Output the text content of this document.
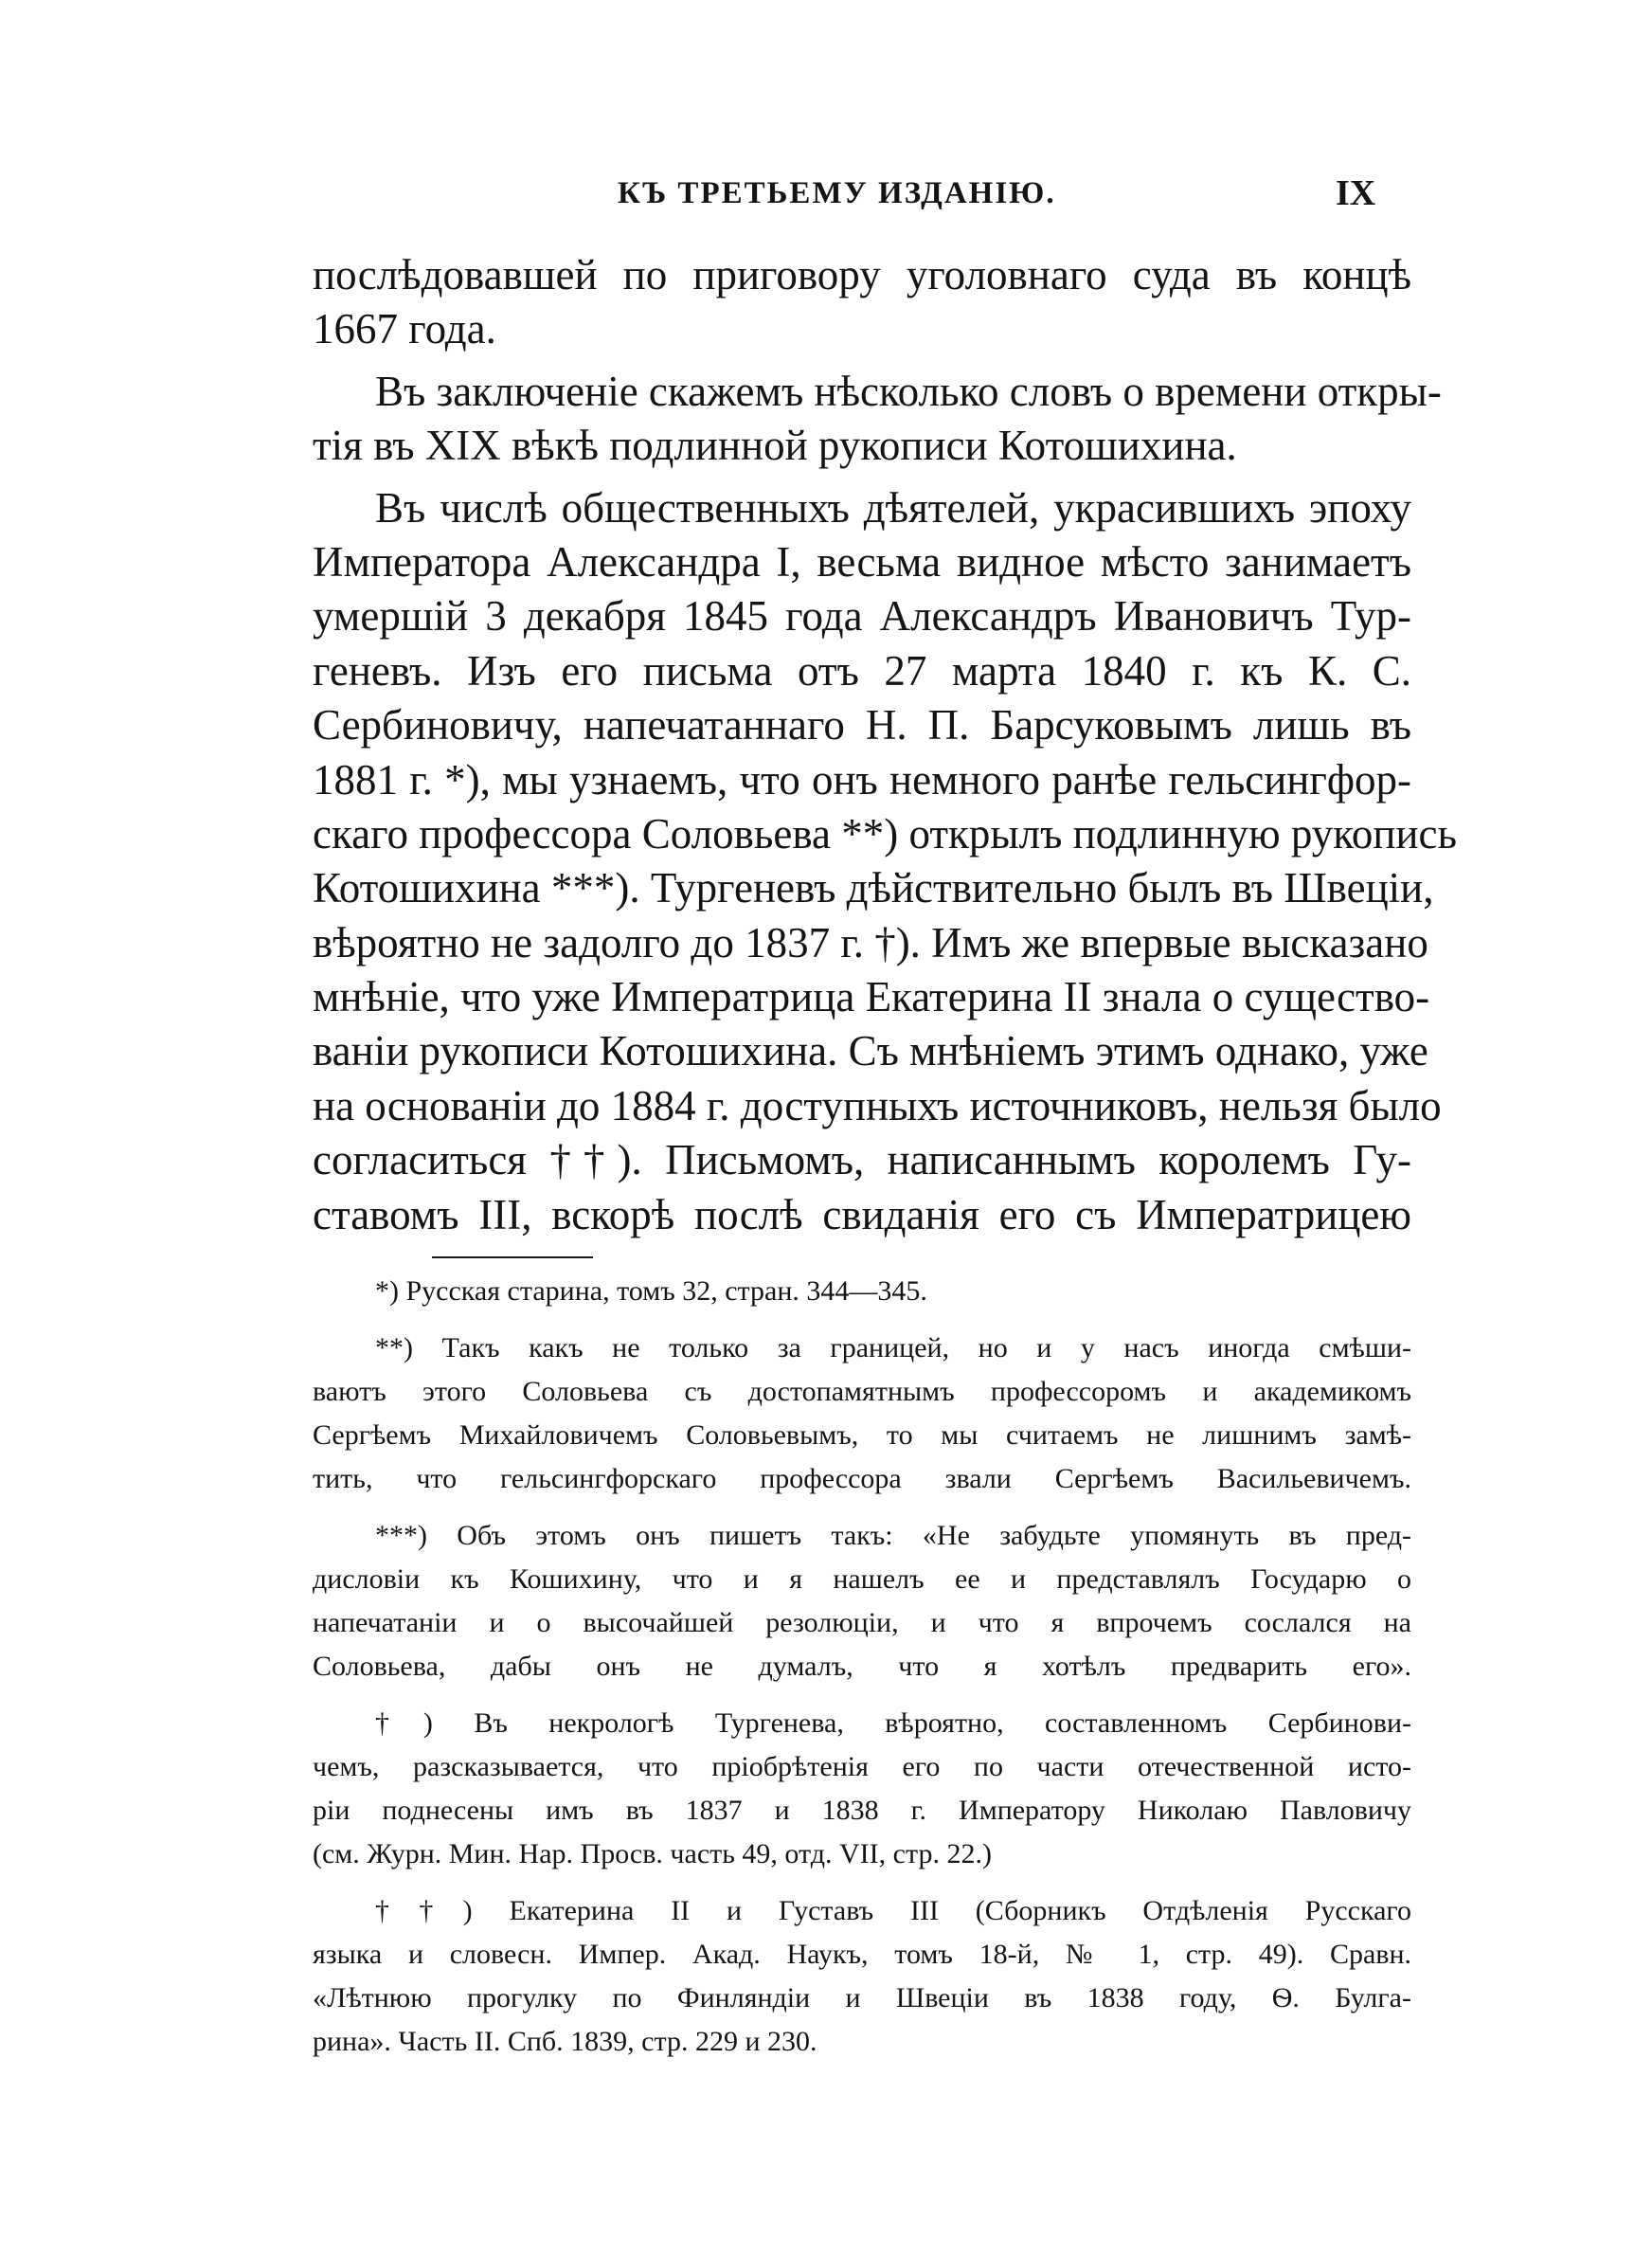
КЪ ТРЕТЬЕМУ ИЗДАНІЮ.	IX
послѣдовавшей по приговору уголовнаго суда въ концѣ
1667 года.
Въ заключеніе скажемъ нѣсколько словъ о времени откры-
тія въ XIX вѣкѣ подлинной рукописи Котошихина.
Въ числѣ общественныхъ дѣятелей, украсившихъ эпоху
Императора Александра I, весьма видное мѣсто занимаетъ
умершій 3 декабря 1845 года Александръ Ивановичъ Тур-
геневъ. Изъ его письма отъ 27 марта 1840 г. къ К. С.
Сербиновичу, напечатаннаго Н. П. Барсуковымъ лишь въ
1881 г. *), мы узнаемъ, что онъ немного ранѣе гельсингфор-
скаго профессора Соловьева **) открылъ подлинную рукопись
Котошихина ***). Тургеневъ дѣйствительно былъ въ Швеціи,
вѣроятно не задолго до 1837 г. †). Имъ же впервые высказано
мнѣніе, что уже Императрица Екатерина II знала о существо-
ваніи рукописи Котошихина. Съ мнѣніемъ этимъ однако, уже
на основаніи до 1884 г. доступныхъ источниковъ, нельзя было
согласиться ††). Письмомъ, написаннымъ королемъ Гу-
ставомъ III, вскорѣ послѣ свиданія его съ Императрицею
*) Русская старина, томъ 32, стран. 344—345.
**) Такъ какъ не только за границей, но и у насъ иногда смѣши-
ваютъ этого Соловьева съ достопамятнымъ профессоромъ и академикомъ
Сергѣемъ Михайловичемъ Соловьевымъ, то мы считаемъ не лишнимъ замѣ-
тить, что гельсингфорскаго профессора звали Сергѣемъ Васильевичемъ.
***) Объ этомъ онъ пишетъ такъ: «Не забудьте упомянуть въ пред-
дисловіи къ Кошихину, что и я нашелъ ее и представлялъ Государю о
напечатаніи и о высочайшей резолюціи, и что я впрочемъ сослался на
Соловьева, дабы онъ не думалъ, что я хотѣлъ предварить его».
†) Въ некрологѣ Тургенева, вѣроятно, составленномъ Сербинови-
чемъ, разсказывается, что пріобрѣтенія его по части отечественной исто-
ріи поднесены имъ въ 1837 и 1838 г. Императору Николаю Павловичу
(см. Журн. Мин. Нар. Просв. часть 49, отд. VII, стр. 22.)
††) Екатерина II и Густавъ III (Сборникъ Отдѣленія Русскаго
языка и словесн. Импер. Акад. Наукъ, томъ 18-й, № 1, стр. 49). Сравн.
«Лѣтнюю прогулку по Финляндіи и Швеціи въ 1838 году, Ѳ. Булга-
рина». Часть II. Спб. 1839, стр. 229 и 230.
